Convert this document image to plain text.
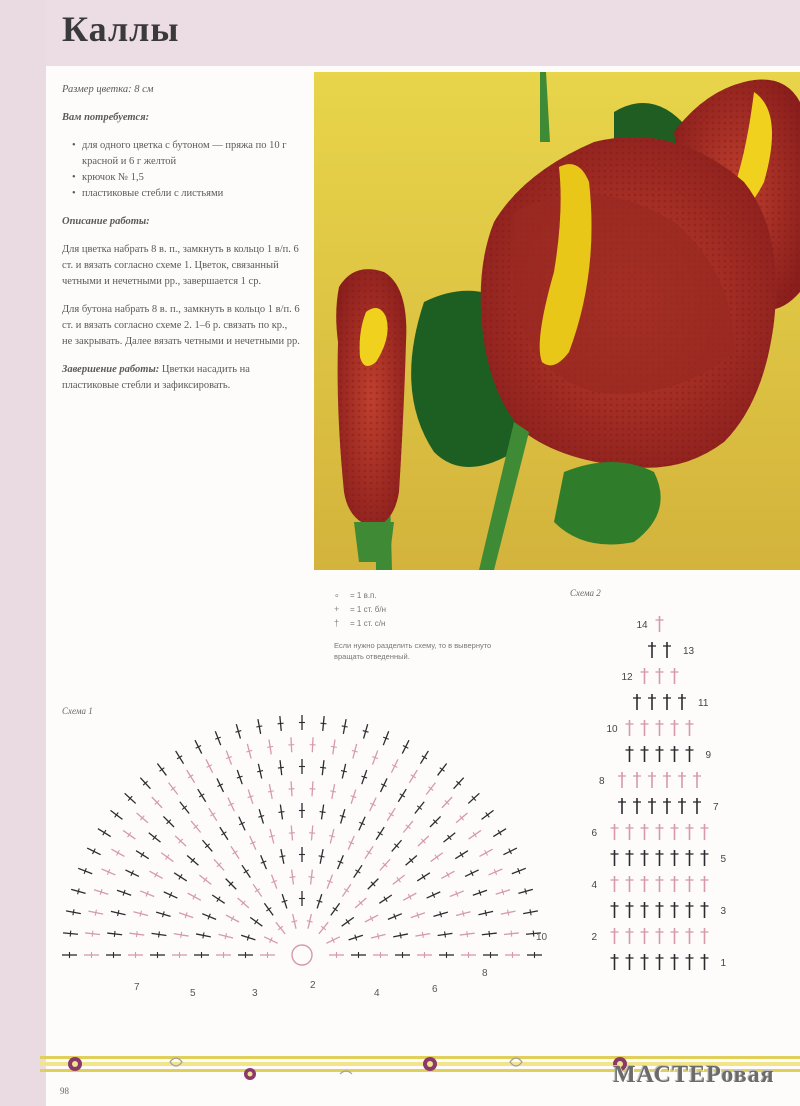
Каллы

Размер цветка: 8 см

Вам потребуется:

• для одного цветка с бутоном — пряжа по 10 г красной и 6 г желтой
• крючок № 1,5
• пластиковые стебли с листьями

Описание работы:

Для цветка набрать 8 в. п., замкнуть в кольцо 1 в/п. 6 ст. и вязать согласно схеме 1. Цветок, связанный четными и нечетными рр., завершается 1 ср.

Для бутона набрать 8 в. п., замкнуть в кольцо 1 в/п. 6 ст. и вязать согласно схеме 2. 1–6 р. связать по кр., не закрывать. Далее вязать четными и нечетными рр.

Завершение работы: Цветки насадить на пластиковые стебли и зафиксировать.

∘	= 1 в.п.
+	= 1 ст. б/н
†	= 1 ст. с/н
Если нужно разделить схему, то в вывернуто вращать отведенный.
Схема 2
Схема 1
7
5	3
2
4	6
8
10
1
2
3
4
5
6
7
8
9
10
11
12
13
14
98
МАСТЕРовая
